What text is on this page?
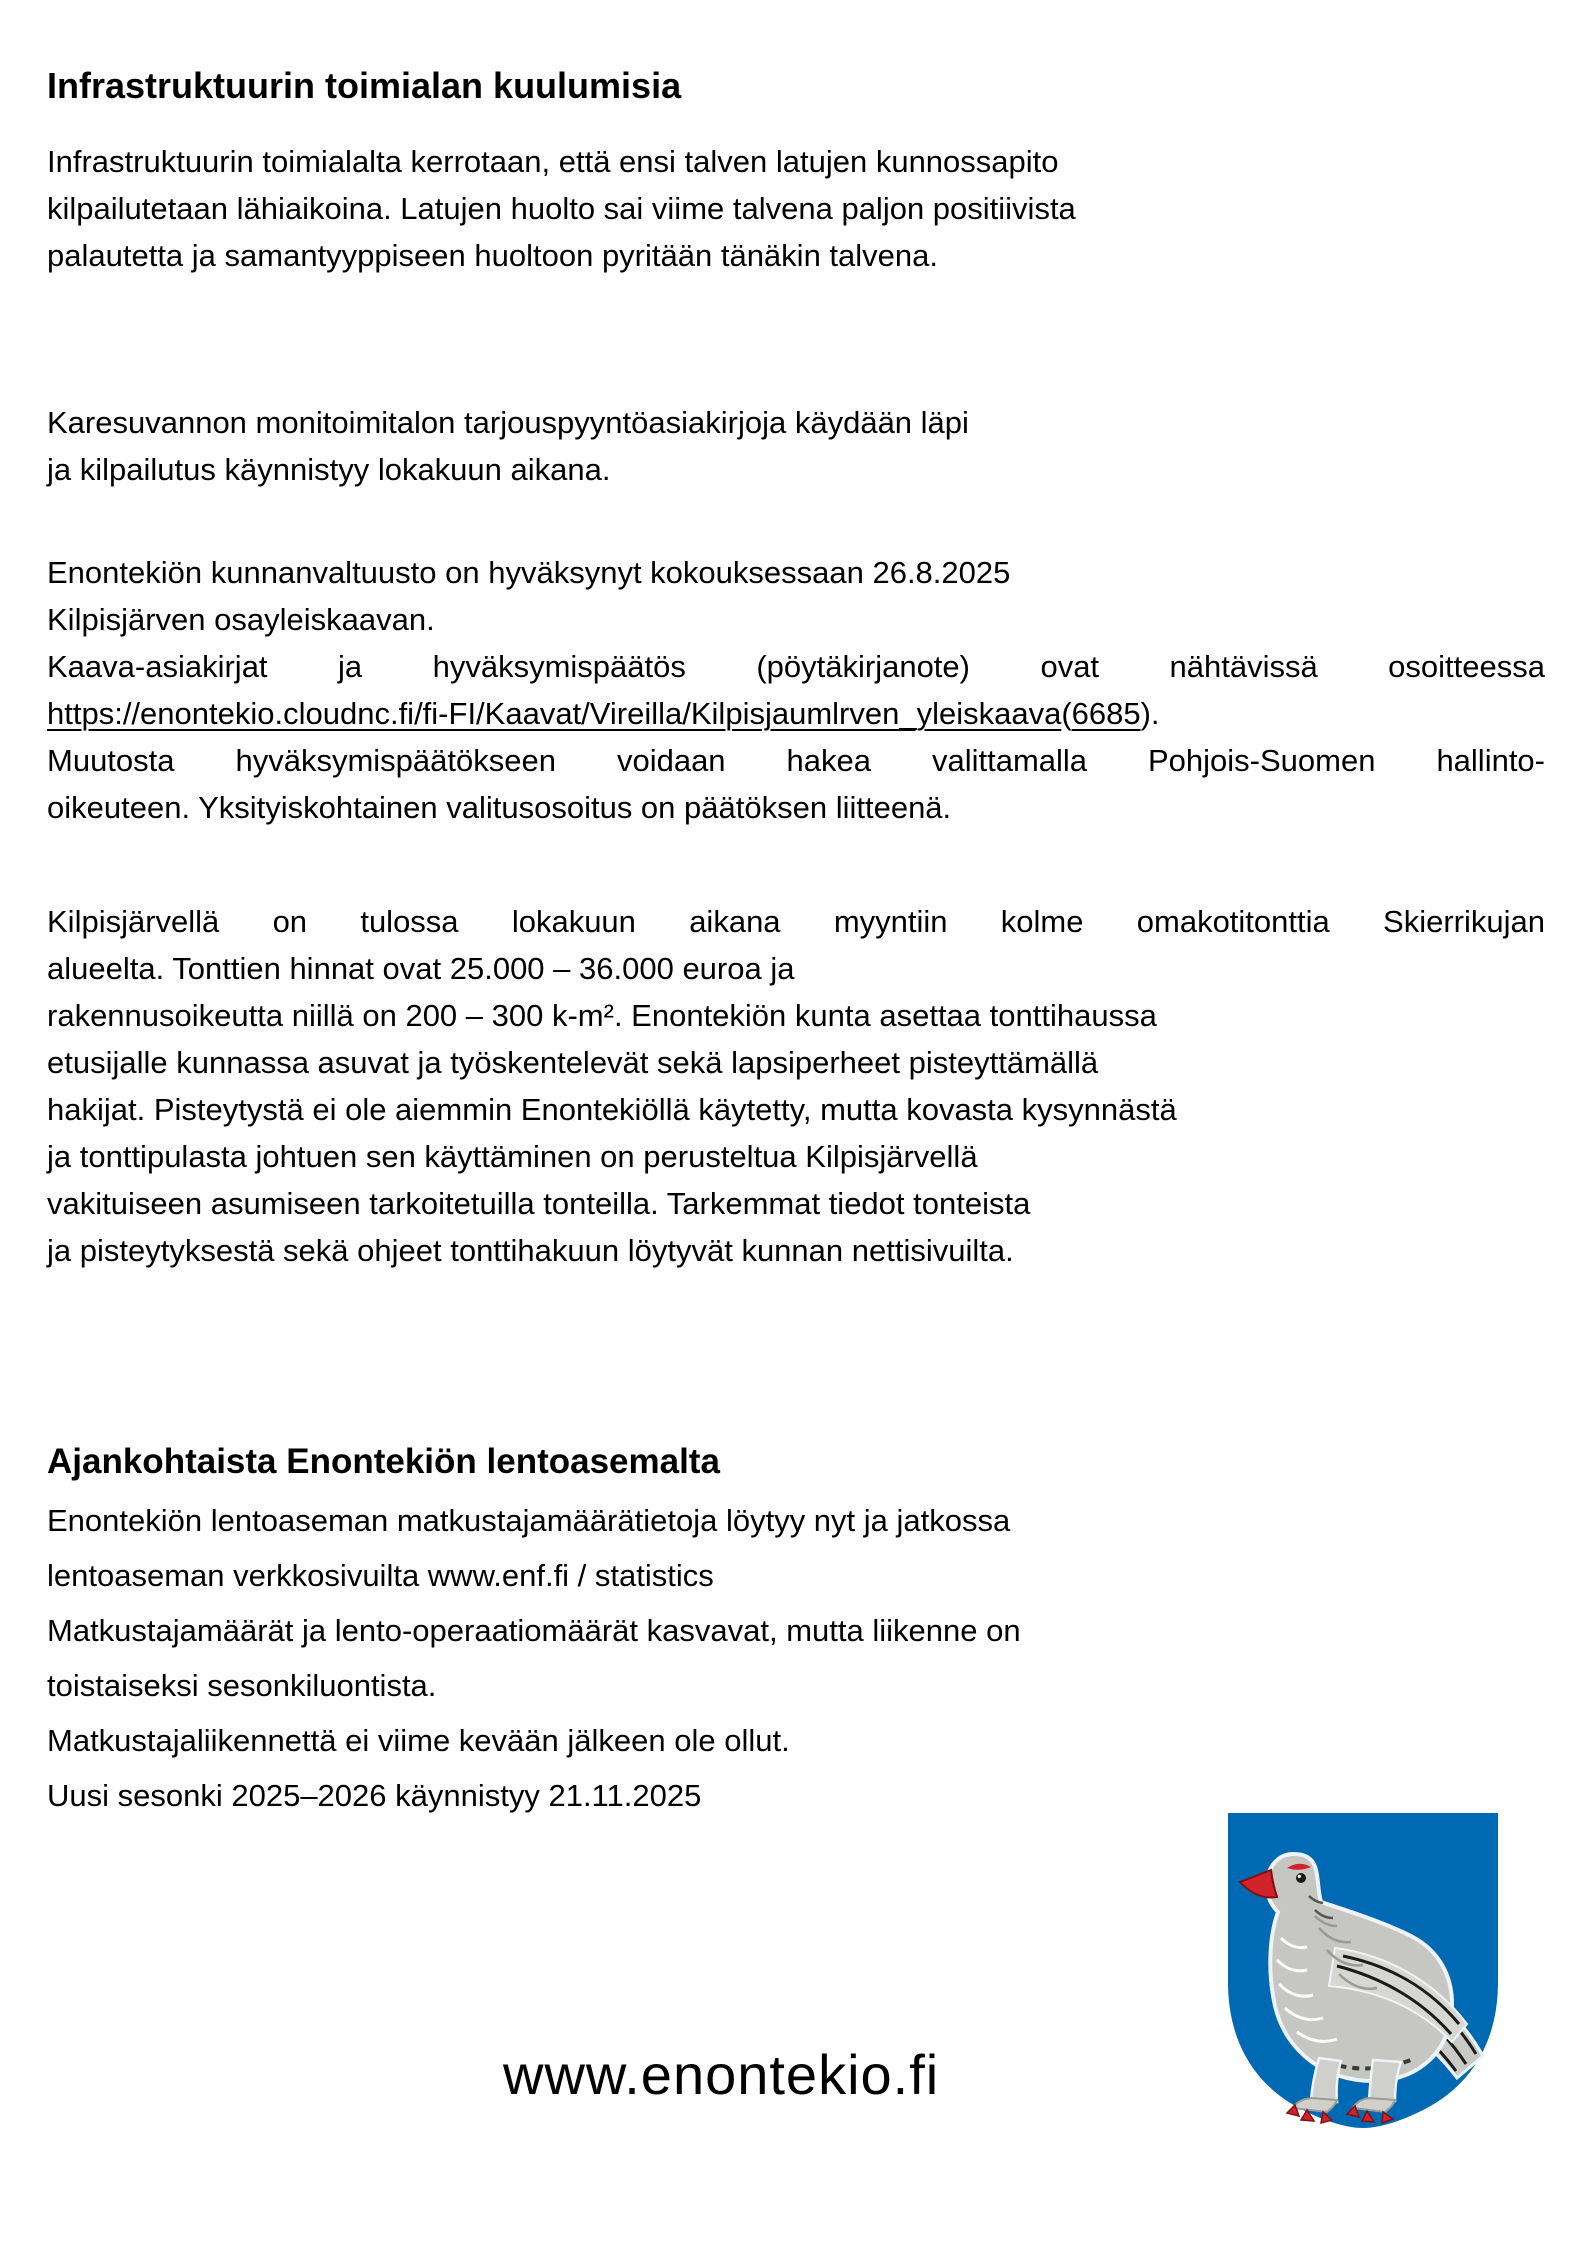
Infrastruktuurin toimialan kuulumisia
Infrastruktuurin toimialalta kerrotaan, että ensi talven latujen kunnossapito
kilpailutetaan lähiaikoina. Latujen huolto sai viime talvena paljon positiivista
palautetta ja samantyyppiseen huoltoon pyritään tänäkin talvena.
Karesuvannon monitoimitalon tarjouspyyntöasiakirjoja käydään läpi
ja kilpailutus käynnistyy lokakuun aikana.
Enontekiön kunnanvaltuusto on hyväksynyt kokouksessaan 26.8.2025
Kilpisjärven osayleiskaavan.
Kaava-asiakirjat ja hyväksymispäätös (pöytäkirjanote) ovat nähtävissä osoitteessa
https://enontekio.cloudnc.fi/fi-FI/Kaavat/Vireilla/Kilpisjaumlrven_yleiskaava(6685).
Muutosta hyväksymispäätökseen voidaan hakea valittamalla Pohjois-Suomen hallinto-
oikeuteen. Yksityiskohtainen valitusosoitus on päätöksen liitteenä.
Kilpisjärvellä on tulossa lokakuun aikana myyntiin kolme omakotitonttia Skierrikujan
alueelta. Tonttien hinnat ovat 25.000 – 36.000 euroa ja
rakennusoikeutta niillä on 200 – 300 k-m². Enontekiön kunta asettaa tonttihaussa
etusijalle kunnassa asuvat ja työskentelevät sekä lapsiperheet pisteyttämällä
hakijat. Pisteytystä ei ole aiemmin Enontekiöllä käytetty, mutta kovasta kysynnästä
ja tonttipulasta johtuen sen käyttäminen on perusteltua Kilpisjärvellä
vakituiseen asumiseen tarkoitetuilla tonteilla. Tarkemmat tiedot tonteista
ja pisteytyksestä sekä ohjeet tonttihakuun löytyvät kunnan nettisivuilta.
Ajankohtaista Enontekiön lentoasemalta
Enontekiön lentoaseman matkustajamäärätietoja löytyy nyt ja jatkossa
lentoaseman verkkosivuilta www.enf.fi / statistics
Matkustajamäärät ja lento-operaatiomäärät kasvavat, mutta liikenne on
toistaiseksi sesonkiluontista.
Matkustajaliikennettä ei viime kevään jälkeen ole ollut.
Uusi sesonki 2025–2026 käynnistyy 21.11.2025
www.enontekio.fi
